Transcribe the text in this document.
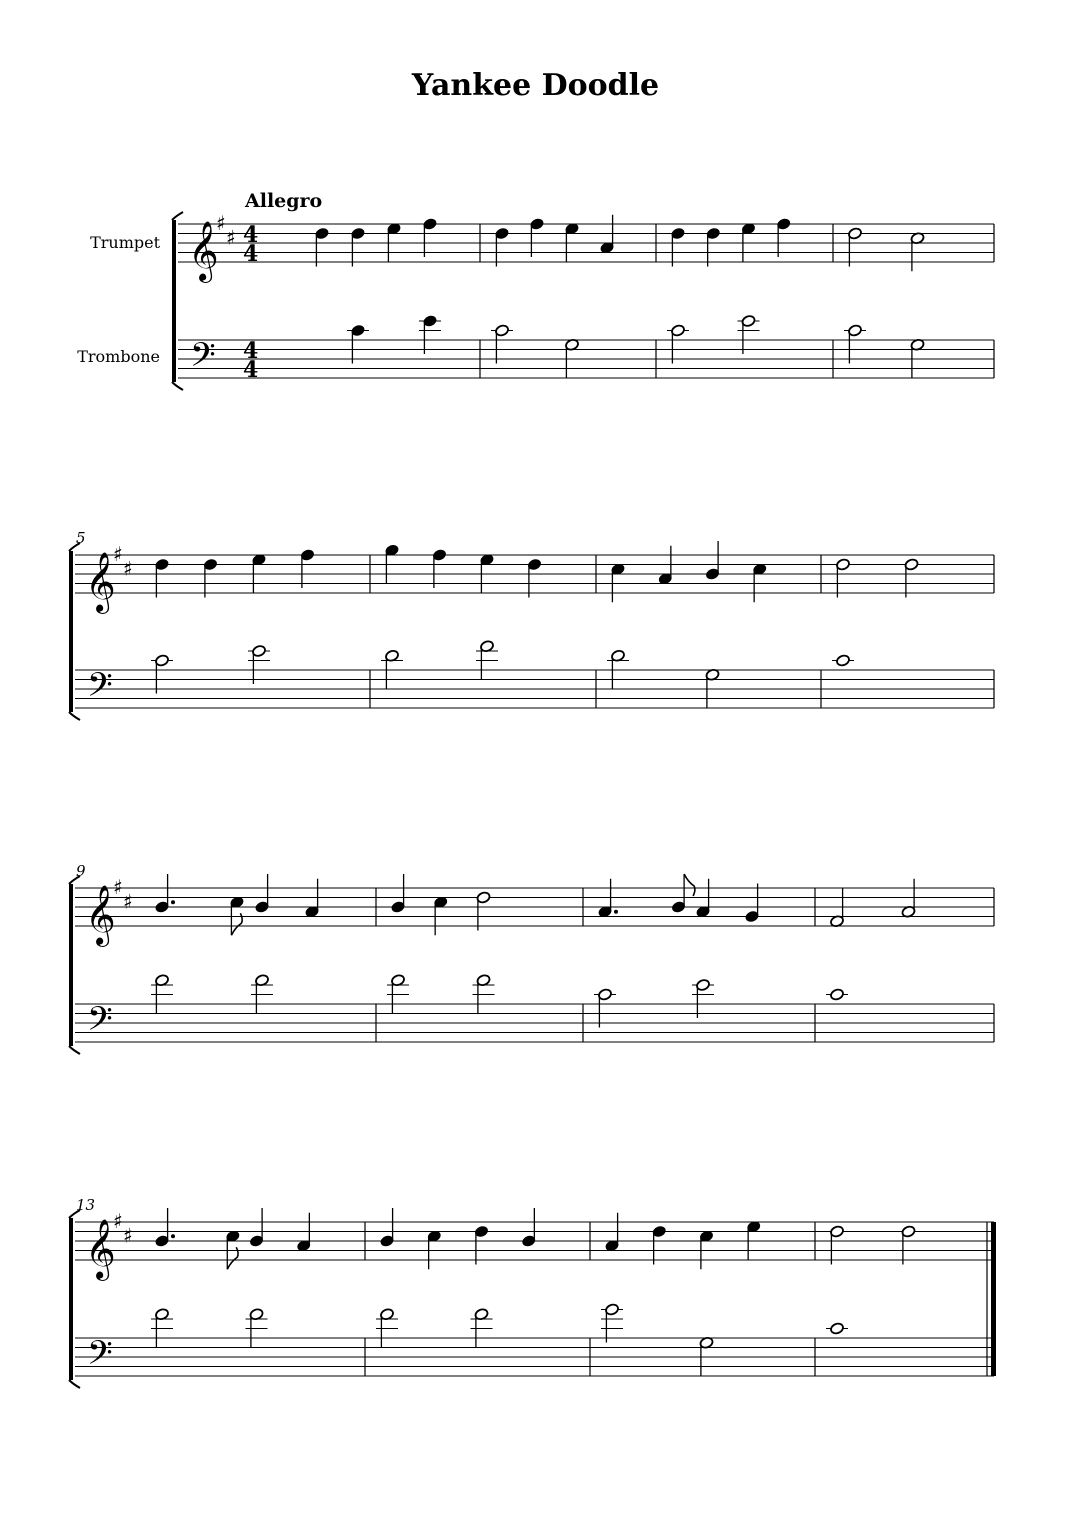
Yankee Doodle
Allegro
Trumpet
Trombone
5
9
13
𝄞
𝄢
♯
♯ 4
4
4
4
𝄞
𝄢
♯
♯
𝄞
𝄢
♯
♯
𝄞
𝄢
♯
♯
